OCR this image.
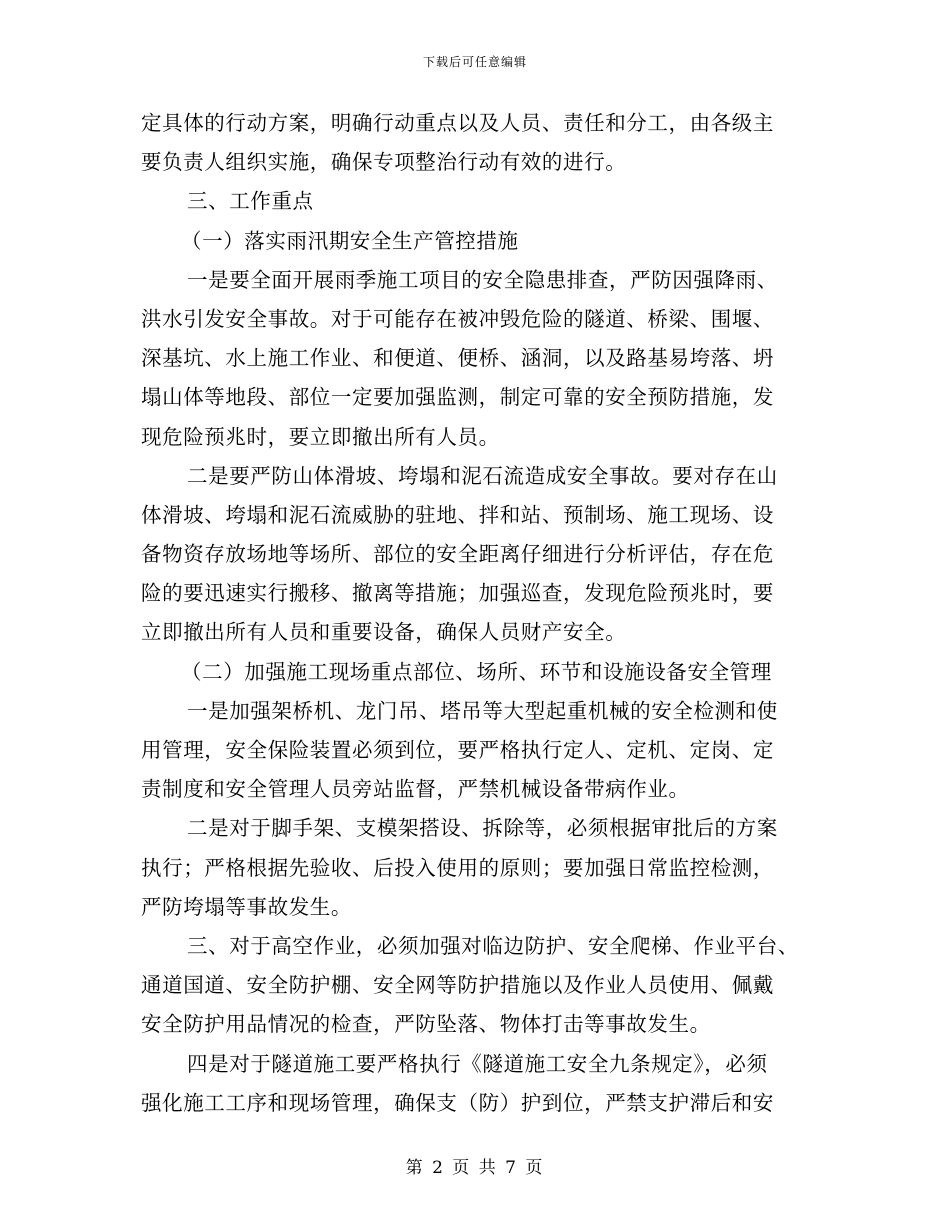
下载后可任意编辑
定具体的行动方案，明确行动重点以及人员、责任和分工，由各级主
要负责人组织实施，确保专项整治行动有效的进行。
三、工作重点
（一）落实雨汛期安全生产管控措施
一是要全面开展雨季施工项目的安全隐患排查，严防因强降雨、
洪水引发安全事故。对于可能存在被冲毁危险的隧道、桥梁、围堰、
深基坑、水上施工作业、和便道、便桥、涵洞，以及路基易垮落、坍
塌山体等地段、部位一定要加强监测，制定可靠的安全预防措施，发
现危险预兆时，要立即撤出所有人员。
二是要严防山体滑坡、垮塌和泥石流造成安全事故。要对存在山
体滑坡、垮塌和泥石流威胁的驻地、拌和站、预制场、施工现场、设
备物资存放场地等场所、部位的安全距离仔细进行分析评估，存在危
险的要迅速实行搬移、撤离等措施；加强巡查，发现危险预兆时，要
立即撤出所有人员和重要设备，确保人员财产安全。
（二）加强施工现场重点部位、场所、环节和设施设备安全管理
一是加强架桥机、龙门吊、塔吊等大型起重机械的安全检测和使
用管理，安全保险装置必须到位，要严格执行定人、定机、定岗、定
责制度和安全管理人员旁站监督，严禁机械设备带病作业。
二是对于脚手架、支模架搭设、拆除等，必须根据审批后的方案
执行；严格根据先验收、后投入使用的原则；要加强日常监控检测，
严防垮塌等事故发生。
三、对于高空作业，必须加强对临边防护、安全爬梯、作业平台、
通道国道、安全防护棚、安全网等防护措施以及作业人员使用、佩戴
安全防护用品情况的检查，严防坠落、物体打击等事故发生。
四是对于隧道施工要严格执行《隧道施工安全九条规定》，必须
强化施工工序和现场管理，确保支（防）护到位，严禁支护滞后和安
第 2 页 共 7 页
